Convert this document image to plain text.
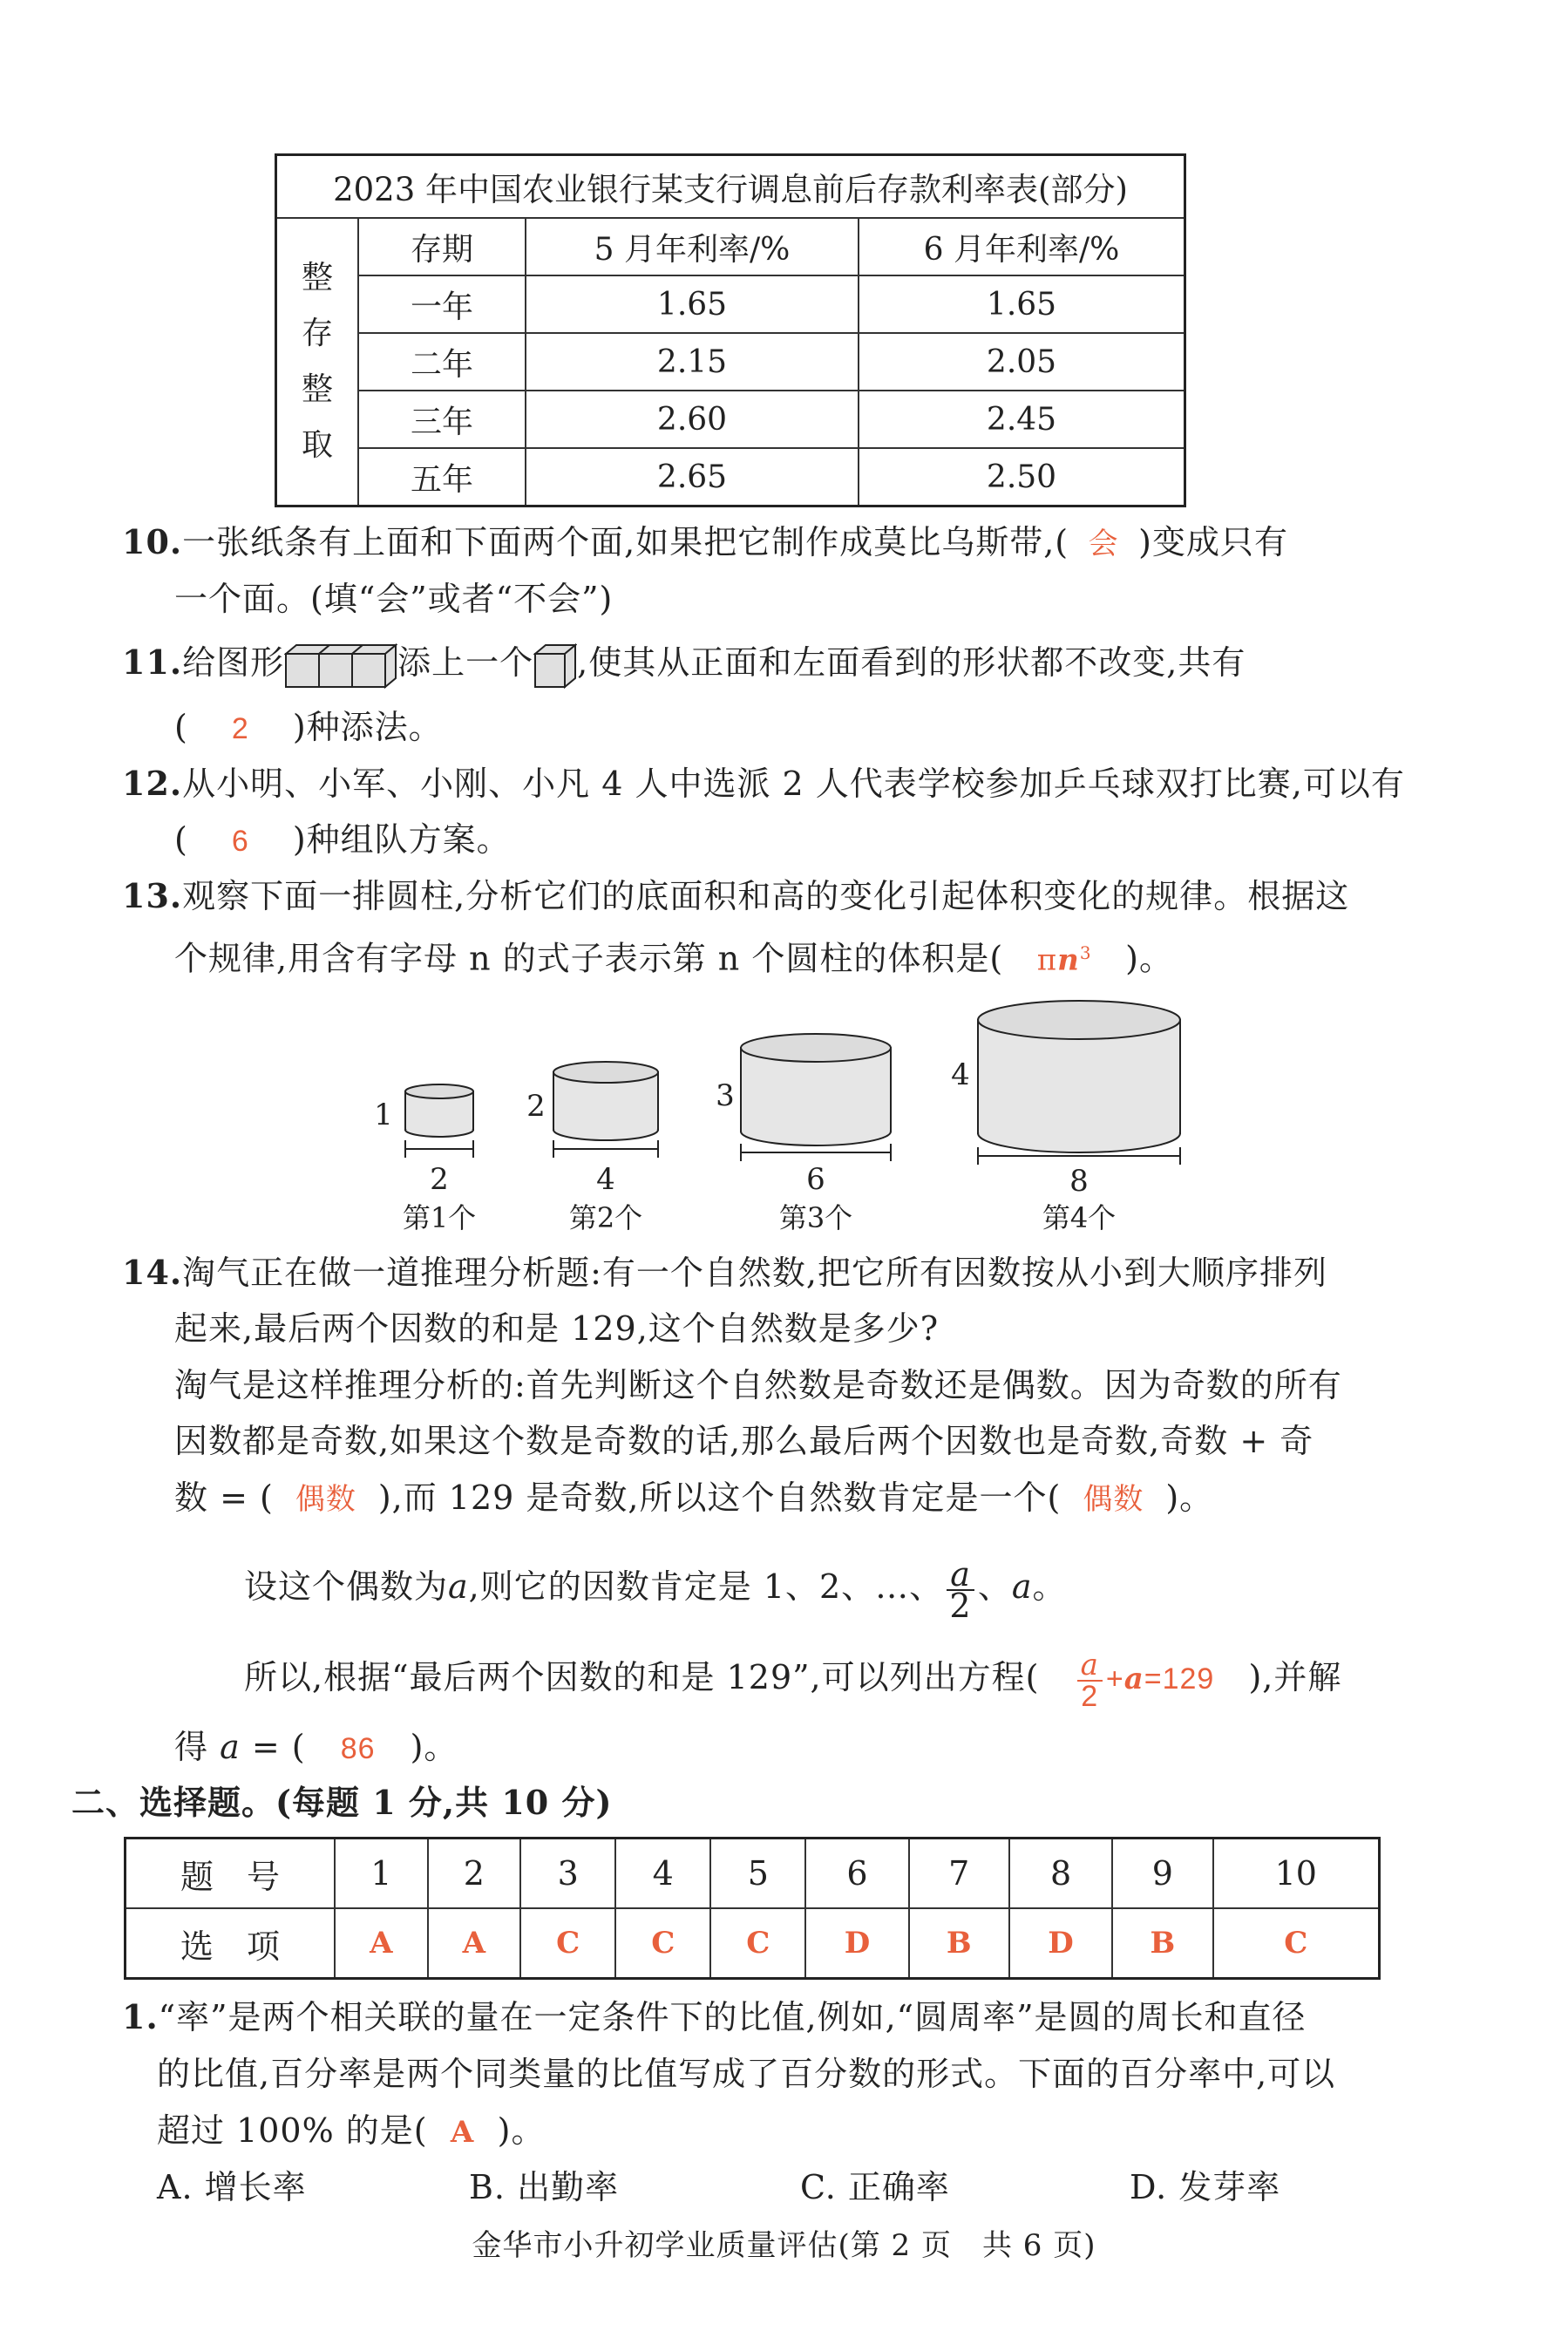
2023 年中国农业银行某支行调息前后存款利率表(部分)			

整
存
整
取	存期	5 月年利率/%	6 月年利率/%
	一年	1.65	1.65
	二年	2.15	2.05
	三年	2.60	2.45
	五年	2.65	2.50
10.一张纸条有上面和下面两个面,如果把它制作成莫比乌斯带,( 会 )变成只有
一个面。(填“会”或者“不会”)
11.给图形	添上一个 ,使其从正面和左面看到的形状都不改变,共有
( 2 )种添法。
12.从小明、小军、小刚、小凡 4 人中选派 2 人代表学校参加乒乓球双打比赛,可以有
( 6 )种组队方案。
13.观察下面一排圆柱,分析它们的底面积和高的变化引起体积变化的规律。根据这
个规律,用含有字母 n 的式子表示第 n 个圆柱的体积是( $\pi n^3$ )。
1
2
第1个
2
4
第2个
3
6
第3个
4
8
第4个
14.淘气正在做一道推理分析题:有一个自然数,把它所有因数按从小到大顺序排列
起来,最后两个因数的和是 129,这个自然数是多少?
淘气是这样推理分析的:首先判断这个自然数是奇数还是偶数。因为奇数的所有
因数都是奇数,如果这个数是奇数的话,那么最后两个因数也是奇数,奇数 + 奇
数 = ( 偶数 ),而 129 是奇数,所以这个自然数肯定是一个( 偶数 )。
设这个偶数为a,则它的因数肯定是 1、2、…、 $\frac{a}{2}$ 、a。
所以,根据“最后两个因数的和是 129”,可以列出方程( $\frac{a}{2} +a=129$ ),并解
得 a = ( 86 )。
二、选择题。(每题 1 分,共 10 分)
题　号	1	2	3	4	5	6	7	8	9	10
选　项	A	A	C	C	C	D	B	D	B	C
1.“率”是两个相关联的量在一定条件下的比值,例如,“圆周率”是圆的周长和直径
的比值,百分率是两个同类量的比值写成了百分数的形式。下面的百分率中,可以
超过 100% 的是( A )。
A. 增长率	B. 出勤率	C. 正确率	D. 发芽率
金华市小升初学业质量评估(第 2 页　共 6 页)
